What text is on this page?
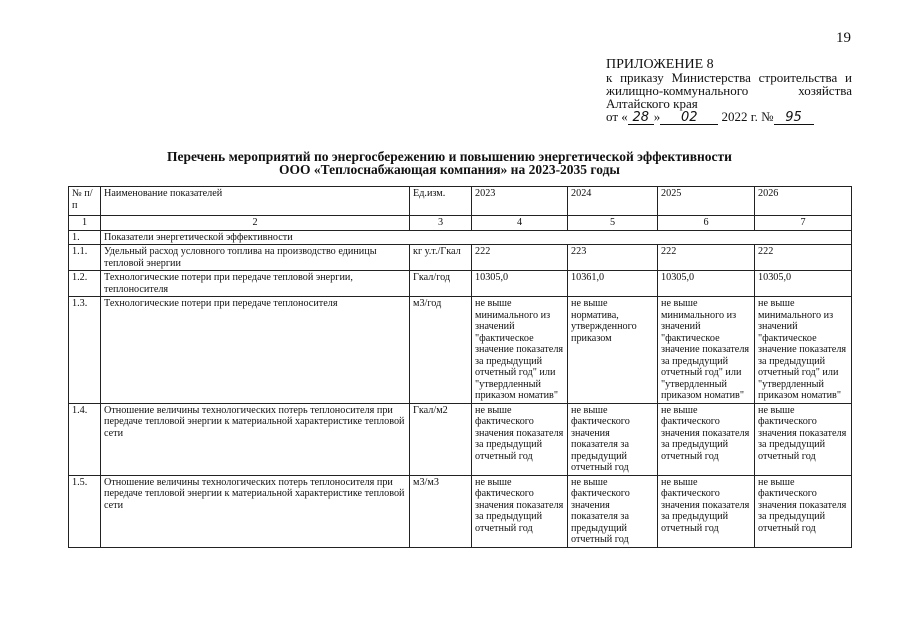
19
ПРИЛОЖЕНИЕ 8
к приказу Министерства строительства и
жилищно-коммунального хозяйства
Алтайского края
от « 28 » 02 2022 г. № 95
Перечень мероприятий по энергосбережению и повышению энергетической эффективности
ООО «Теплоснабжающая компания» на 2023-2035 годы
№ п/п	Наименование показателей	Ед.изм.	2023	2024	2025	2026
1	2	3	4	5	6	7
1.	Показатели энергетической эффективности					
1.1.	Удельный расход условного топлива на производство единицы тепловой энергии	кг у.т./Гкал	222	223	222	222
1.2.	Технологические потери при передаче тепловой энергии, теплоносителя	Гкал/год	10305,0	10361,0	10305,0	10305,0
1.3.	Технологические потери при передаче теплоносителя	м3/год	не выше минимального из значений "фактическое значение показателя за предыдущий отчетный год" или "утвердленный приказом номатив"	не выше норматива, утвержденного приказом	не выше минимального из значений "фактическое значение показателя за предыдущий отчетный год" или "утвердленный приказом номатив"	не выше минимального из значений "фактическое значение показателя за предыдущий отчетный год" или "утвердленный приказом номатив"
1.4.	Отношение величины технологических потерь теплоносителя при передаче тепловой энергии к материальной характеристике тепловой сети	Гкал/м2	не выше фактического значения показателя за предыдущий отчетный год	не выше фактического значения показателя за предыдущий отчетный год	не выше фактического значения показателя за предыдущий отчетный год	не выше фактического значения показателя за предыдущий отчетный год
1.5.	Отношение величины технологических потерь теплоносителя при передаче тепловой энергии к материальной характеристике тепловой сети	м3/м3	не выше фактического значения показателя за предыдущий отчетный год	не выше фактического значения показателя за предыдущий отчетный год	не выше фактического значения показателя за предыдущий отчетный год	не выше фактического значения показателя за предыдущий отчетный год
